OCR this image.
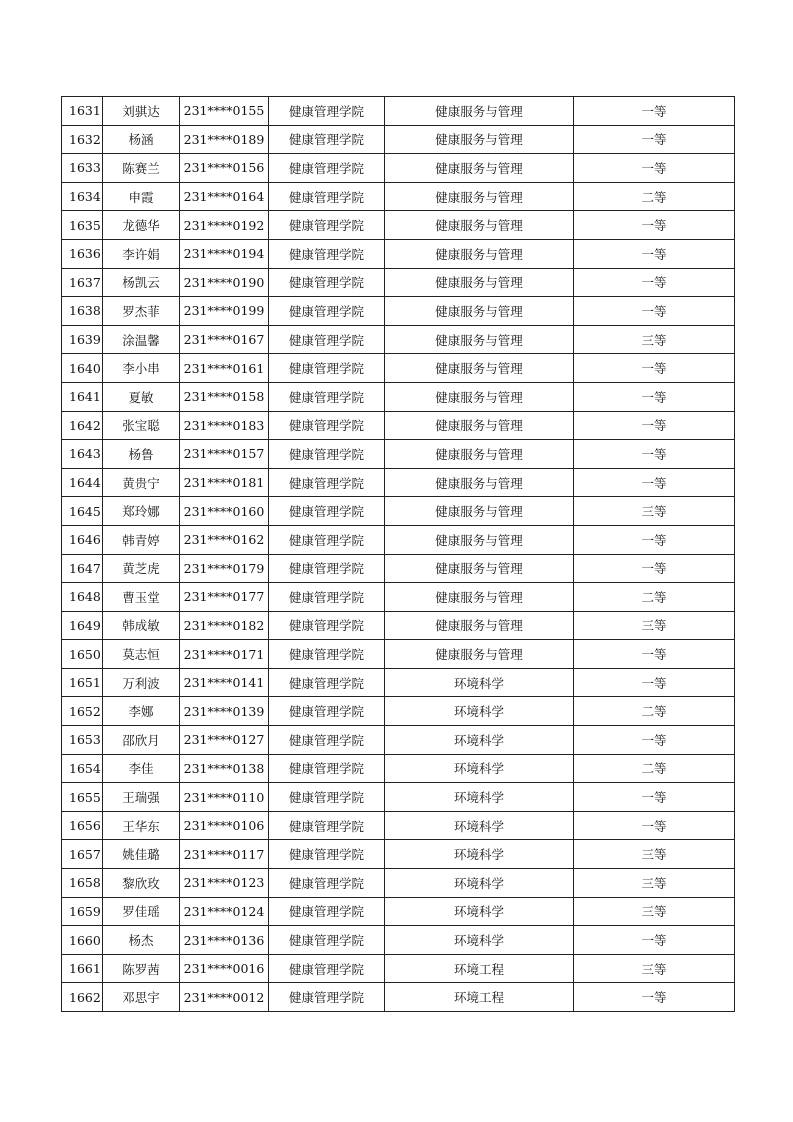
1631	刘骐达	231****0155	健康管理学院	健康服务与管理	一等
1632	杨涵	231****0189	健康管理学院	健康服务与管理	一等
1633	陈赛兰	231****0156	健康管理学院	健康服务与管理	一等
1634	申霞	231****0164	健康管理学院	健康服务与管理	二等
1635	龙德华	231****0192	健康管理学院	健康服务与管理	一等
1636	李许娟	231****0194	健康管理学院	健康服务与管理	一等
1637	杨凯云	231****0190	健康管理学院	健康服务与管理	一等
1638	罗杰菲	231****0199	健康管理学院	健康服务与管理	一等
1639	涂温馨	231****0167	健康管理学院	健康服务与管理	三等
1640	李小串	231****0161	健康管理学院	健康服务与管理	一等
1641	夏敏	231****0158	健康管理学院	健康服务与管理	一等
1642	张宝聪	231****0183	健康管理学院	健康服务与管理	一等
1643	杨鲁	231****0157	健康管理学院	健康服务与管理	一等
1644	黄贵宁	231****0181	健康管理学院	健康服务与管理	一等
1645	郑玲娜	231****0160	健康管理学院	健康服务与管理	三等
1646	韩青婷	231****0162	健康管理学院	健康服务与管理	一等
1647	黄芝虎	231****0179	健康管理学院	健康服务与管理	一等
1648	曹玉堂	231****0177	健康管理学院	健康服务与管理	二等
1649	韩成敏	231****0182	健康管理学院	健康服务与管理	三等
1650	莫志恒	231****0171	健康管理学院	健康服务与管理	一等
1651	万利波	231****0141	健康管理学院	环境科学	一等
1652	李娜	231****0139	健康管理学院	环境科学	二等
1653	邵欣月	231****0127	健康管理学院	环境科学	一等
1654	李佳	231****0138	健康管理学院	环境科学	二等
1655	王瑞强	231****0110	健康管理学院	环境科学	一等
1656	王华东	231****0106	健康管理学院	环境科学	一等
1657	姚佳璐	231****0117	健康管理学院	环境科学	三等
1658	黎欣玫	231****0123	健康管理学院	环境科学	三等
1659	罗佳瑶	231****0124	健康管理学院	环境科学	三等
1660	杨杰	231****0136	健康管理学院	环境科学	一等
1661	陈罗茜	231****0016	健康管理学院	环境工程	三等
1662	邓思宇	231****0012	健康管理学院	环境工程	一等
